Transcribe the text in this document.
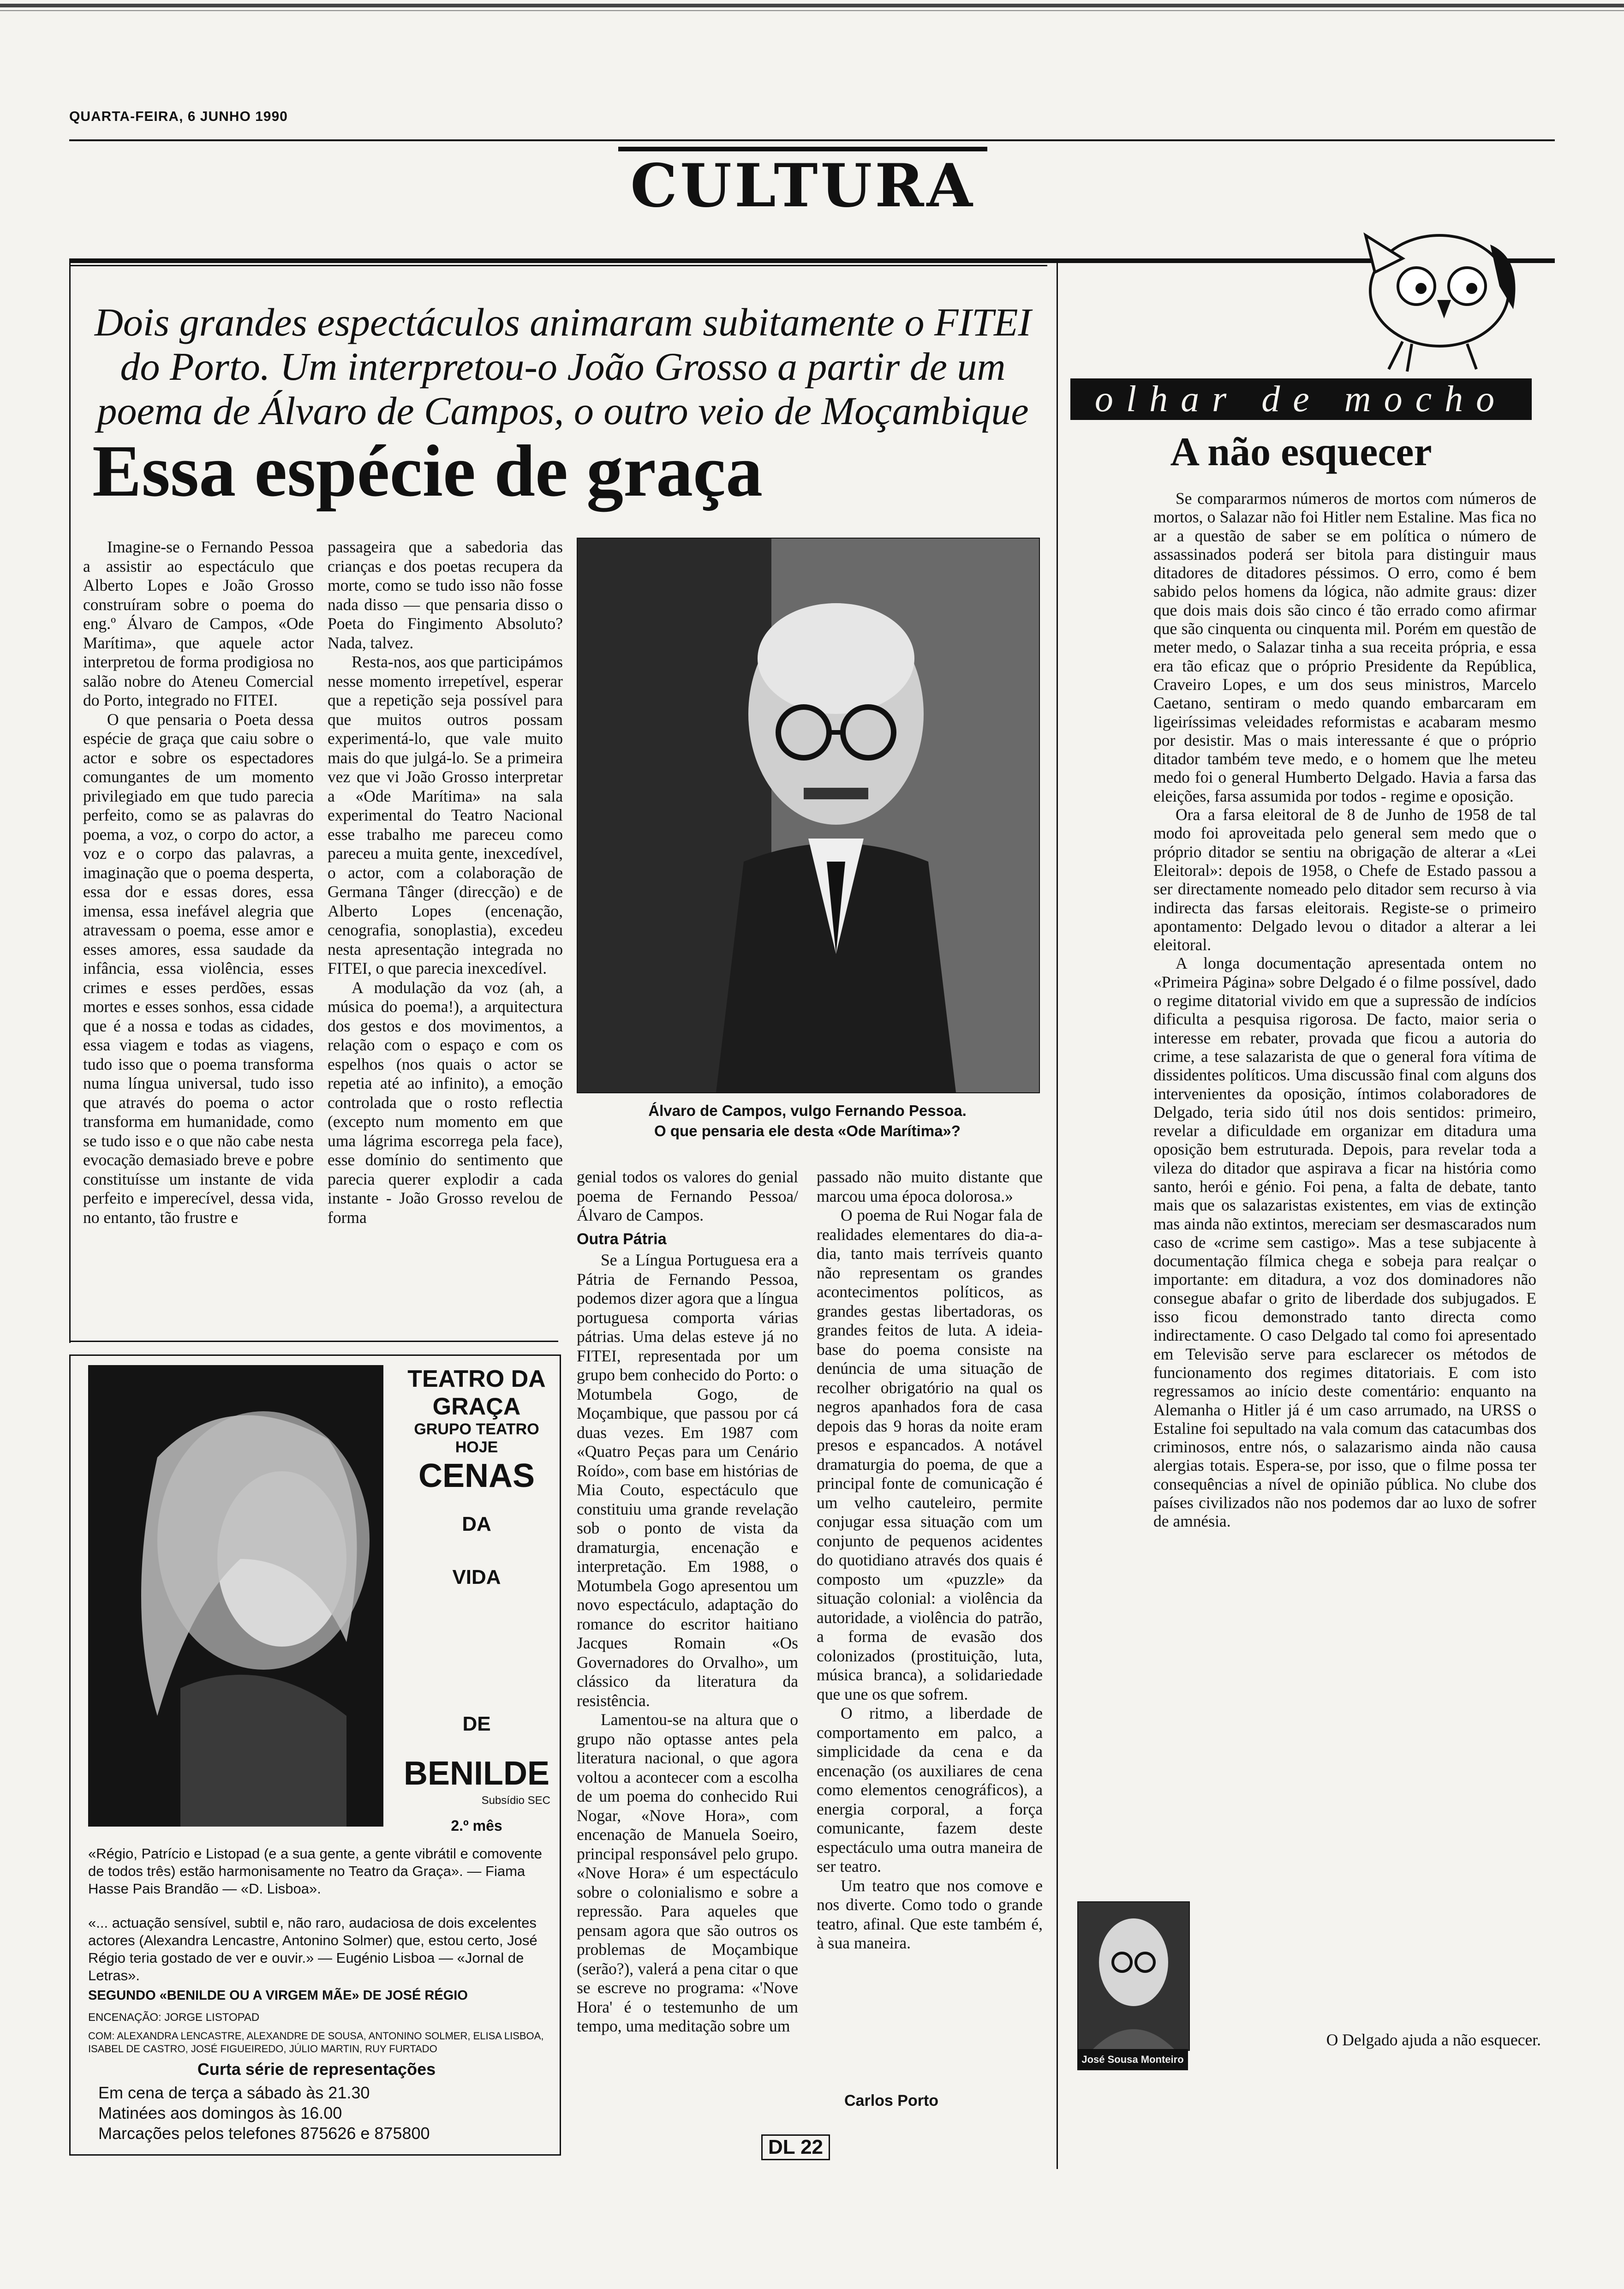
QUARTA-FEIRA, 6 JUNHO 1990
CULTURA
Dois grandes espectáculos animaram subitamente o FITEI do Porto. Um interpretou-o João Grosso a partir de um poema de Álvaro de Campos, o outro veio de Moçambique
Essa espécie de graça

Imagine-se o Fernando Pessoa a assistir ao espectáculo que Alberto Lopes e João Grosso construíram sobre o poema do eng.º Álvaro de Campos, «Ode Marítima», que aquele actor interpretou de forma prodigiosa no salão nobre do Ateneu Comercial do Porto, integrado no FITEI.

O que pensaria o Poeta dessa espécie de graça que caiu sobre o actor e sobre os espectadores comungantes de um momento privilegiado em que tudo parecia perfeito, como se as palavras do poema, a voz, o corpo do actor, a voz e o corpo das palavras, a imaginação que o poema desperta, essa dor e essas dores, essa imensa, essa inefável alegria que atravessam o poema, esse amor e esses amores, essa saudade da infância, essa violência, esses crimes e esses perdões, essas mortes e esses sonhos, essa cidade que é a nossa e todas as cidades, essa viagem e todas as viagens, tudo isso que o poema transforma numa língua universal, tudo isso que através do poema o actor transforma em humanidade, como se tudo isso e o que não cabe nesta evocação demasiado breve e pobre constituísse um instante de vida perfeito e imperecível, dessa vida, no entanto, tão frustre e

passageira que a sabedoria das crianças e dos poetas recupera da morte, como se tudo isso não fosse nada disso — que pensaria disso o Poeta do Fingimento Absoluto? Nada, talvez.

Resta-nos, aos que participámos nesse momento irrepetível, esperar que a repetição seja possível para que muitos outros possam experimentá-lo, que vale muito mais do que julgá-lo. Se a primeira vez que vi João Grosso interpretar a «Ode Marítima» na sala experimental do Teatro Nacional esse trabalho me pareceu como pareceu a muita gente, inexcedível, o actor, com a colaboração de Germana Tânger (direcção) e de Alberto Lopes (encenação, cenografia, sonoplastia), excedeu nesta apresentação integrada no FITEI, o que parecia inexcedível.

A modulação da voz (ah, a música do poema!), a arquitectura dos gestos e dos movimentos, a relação com o espaço e com os espelhos (nos quais o actor se repetia até ao infinito), a emoção controlada que o rosto reflectia (excepto num momento em que uma lágrima escorrega pela face), esse domínio do sentimento que parecia querer explodir a cada instante - João Grosso revelou de forma

Álvaro de Campos, vulgo Fernando Pessoa.
O que pensaria ele desta «Ode Marítima»?

genial todos os valores do genial poema de Fernando Pessoa/Álvaro de Campos.

Outra Pátria

Se a Língua Portuguesa era a Pátria de Fernando Pessoa, podemos dizer agora que a língua portuguesa comporta várias pátrias. Uma delas esteve já no FITEI, representada por um grupo bem conhecido do Porto: o Motumbela Gogo, de Moçambique, que passou por cá duas vezes. Em 1987 com «Quatro Peças para um Cenário Roído», com base em histórias de Mia Couto, espectáculo que constituiu uma grande revelação sob o ponto de vista da dramaturgia, encenação e interpretação. Em 1988, o Motumbela Gogo apresentou um novo espectáculo, adaptação do romance do escritor haitiano Jacques Romain «Os Governadores do Orvalho», um clássico da literatura da resistência.

Lamentou-se na altura que o grupo não optasse antes pela literatura nacional, o que agora voltou a acontecer com a escolha de um poema do conhecido Rui Nogar, «Nove Hora», com encenação de Manuela Soeiro, principal responsável pelo grupo. «Nove Hora» é um espectáculo sobre o colonialismo e sobre a repressão. Para aqueles que pensam agora que são outros os problemas de Moçambique (serão?), valerá a pena citar o que se escreve no programa: «'Nove Hora' é o testemunho de um tempo, uma meditação sobre um

passado não muito distante que marcou uma época dolorosa.»

O poema de Rui Nogar fala de realidades elementares do dia-a-dia, tanto mais terríveis quanto não representam os grandes acontecimentos políticos, as grandes gestas libertadoras, os grandes feitos de luta. A ideia-base do poema consiste na denúncia de uma situação de recolher obrigatório na qual os negros apanhados fora de casa depois das 9 horas da noite eram presos e espancados. A notável dramaturgia do poema, de que a principal fonte de comunicação é um velho cauteleiro, permite conjugar essa situação com um conjunto de pequenos acidentes do quotidiano através dos quais é composto um «puzzle» da situação colonial: a violência da autoridade, a violência do patrão, a forma de evasão dos colonizados (prostituição, luta, música branca), a solidariedade que une os que sofrem.

O ritmo, a liberdade de comportamento em palco, a simplicidade da cena e da encenação (os auxiliares de cena como elementos cenográficos), a energia corporal, a força comunicante, fazem deste espectáculo uma outra maneira de ser teatro.

Um teatro que nos comove e nos diverte. Como todo o grande teatro, afinal. Que este também é, à sua maneira.

Carlos Porto
TEATRO DA GRAÇA
GRUPO TEATRO HOJE
CENAS
DA
VIDA
DE
BENILDE
Subsídio SEC
2.º mês
«Régio, Patrício e Listopad (e a sua gente, a gente vibrátil e comovente de todos três) estão harmonisamente no Teatro da Graça». — Fiama Hasse Pais Brandão — «D. Lisboa».
«... actuação sensível, subtil e, não raro, audaciosa de dois excelentes actores (Alexandra Lencastre, Antonino Solmer) que, estou certo, José Régio teria gostado de ver e ouvir.» — Eugénio Lisboa — «Jornal de Letras».
SEGUNDO «BENILDE OU A VIRGEM MÃE» DE JOSÉ RÉGIO
ENCENAÇÃO: JORGE LISTOPAD
COM: ALEXANDRA LENCASTRE, ALEXANDRE DE SOUSA, ANTONINO SOLMER, ELISA LISBOA, ISABEL DE CASTRO, JOSÉ FIGUEIREDO, JÚLIO MARTIN, RUY FURTADO
Curta série de representações
Em cena de terça a sábado às 21.30
Matinées aos domingos às 16.00
Marcações pelos telefones 875626 e 875800
olhar de mocho
A não esquecer

Se compararmos números de mortos com números de mortos, o Salazar não foi Hitler nem Estaline. Mas fica no ar a questão de saber se em política o número de assassinados poderá ser bitola para distinguir maus ditadores de ditadores péssimos. O erro, como é bem sabido pelos homens da lógica, não admite graus: dizer que dois mais dois são cinco é tão errado como afirmar que são cinquenta ou cinquenta mil. Porém em questão de meter medo, o Salazar tinha a sua receita própria, e essa era tão eficaz que o próprio Presidente da República, Craveiro Lopes, e um dos seus ministros, Marcelo Caetano, sentiram o medo quando embarcaram em ligeiríssimas veleidades reformistas e acabaram mesmo por desistir. Mas o mais interessante é que o próprio ditador também teve medo, e o homem que lhe meteu medo foi o general Humberto Delgado. Havia a farsa das eleições, farsa assumida por todos - regime e oposição.

Ora a farsa eleitoral de 8 de Junho de 1958 de tal modo foi aproveitada pelo general sem medo que o próprio ditador se sentiu na obrigação de alterar a «Lei Eleitoral»: depois de 1958, o Chefe de Estado passou a ser directamente nomeado pelo ditador sem recurso à via indirecta das farsas eleitorais. Registe-se o primeiro apontamento: Delgado levou o ditador a alterar a lei eleitoral.

A longa documentação apresentada ontem no «Primeira Página» sobre Delgado é o filme possível, dado o regime ditatorial vivido em que a supressão de indícios dificulta a pesquisa rigorosa. De facto, maior seria o interesse em rebater, provada que ficou a autoria do crime, a tese salazarista de que o general fora vítima de dissidentes políticos. Uma discussão final com alguns dos intervenientes da oposição, íntimos colaboradores de Delgado, teria sido útil nos dois sentidos: primeiro, revelar a dificuldade em organizar em ditadura uma oposição bem estruturada. Depois, para revelar toda a vileza do ditador que aspirava a ficar na história como santo, herói e génio. Foi pena, a falta de debate, tanto mais que os salazaristas existentes, em vias de extinção mas ainda não extintos, mereciam ser desmascarados num caso de «crime sem castigo». Mas a tese subjacente à documentação fílmica chega e sobeja para realçar o importante: em ditadura, a voz dos dominadores não consegue abafar o grito de liberdade dos subjugados. E isso ficou demonstrado tanto directa como indirectamente. O caso Delgado tal como foi apresentado em Televisão serve para esclarecer os métodos de funcionamento dos regimes ditatoriais. E com isto regressamos ao início deste comentário: enquanto na Alemanha o Hitler já é um caso arrumado, na URSS o Estaline foi sepultado na vala comum das catacumbas dos criminosos, entre nós, o salazarismo ainda não causa alergias totais. Espera-se, por isso, que o filme possa ter consequências a nível de opinião pública. No clube dos países civilizados não nos podemos dar ao luxo de sofrer de amnésia.

O Delgado ajuda a não esquecer.
José Sousa Monteiro
DL 22
